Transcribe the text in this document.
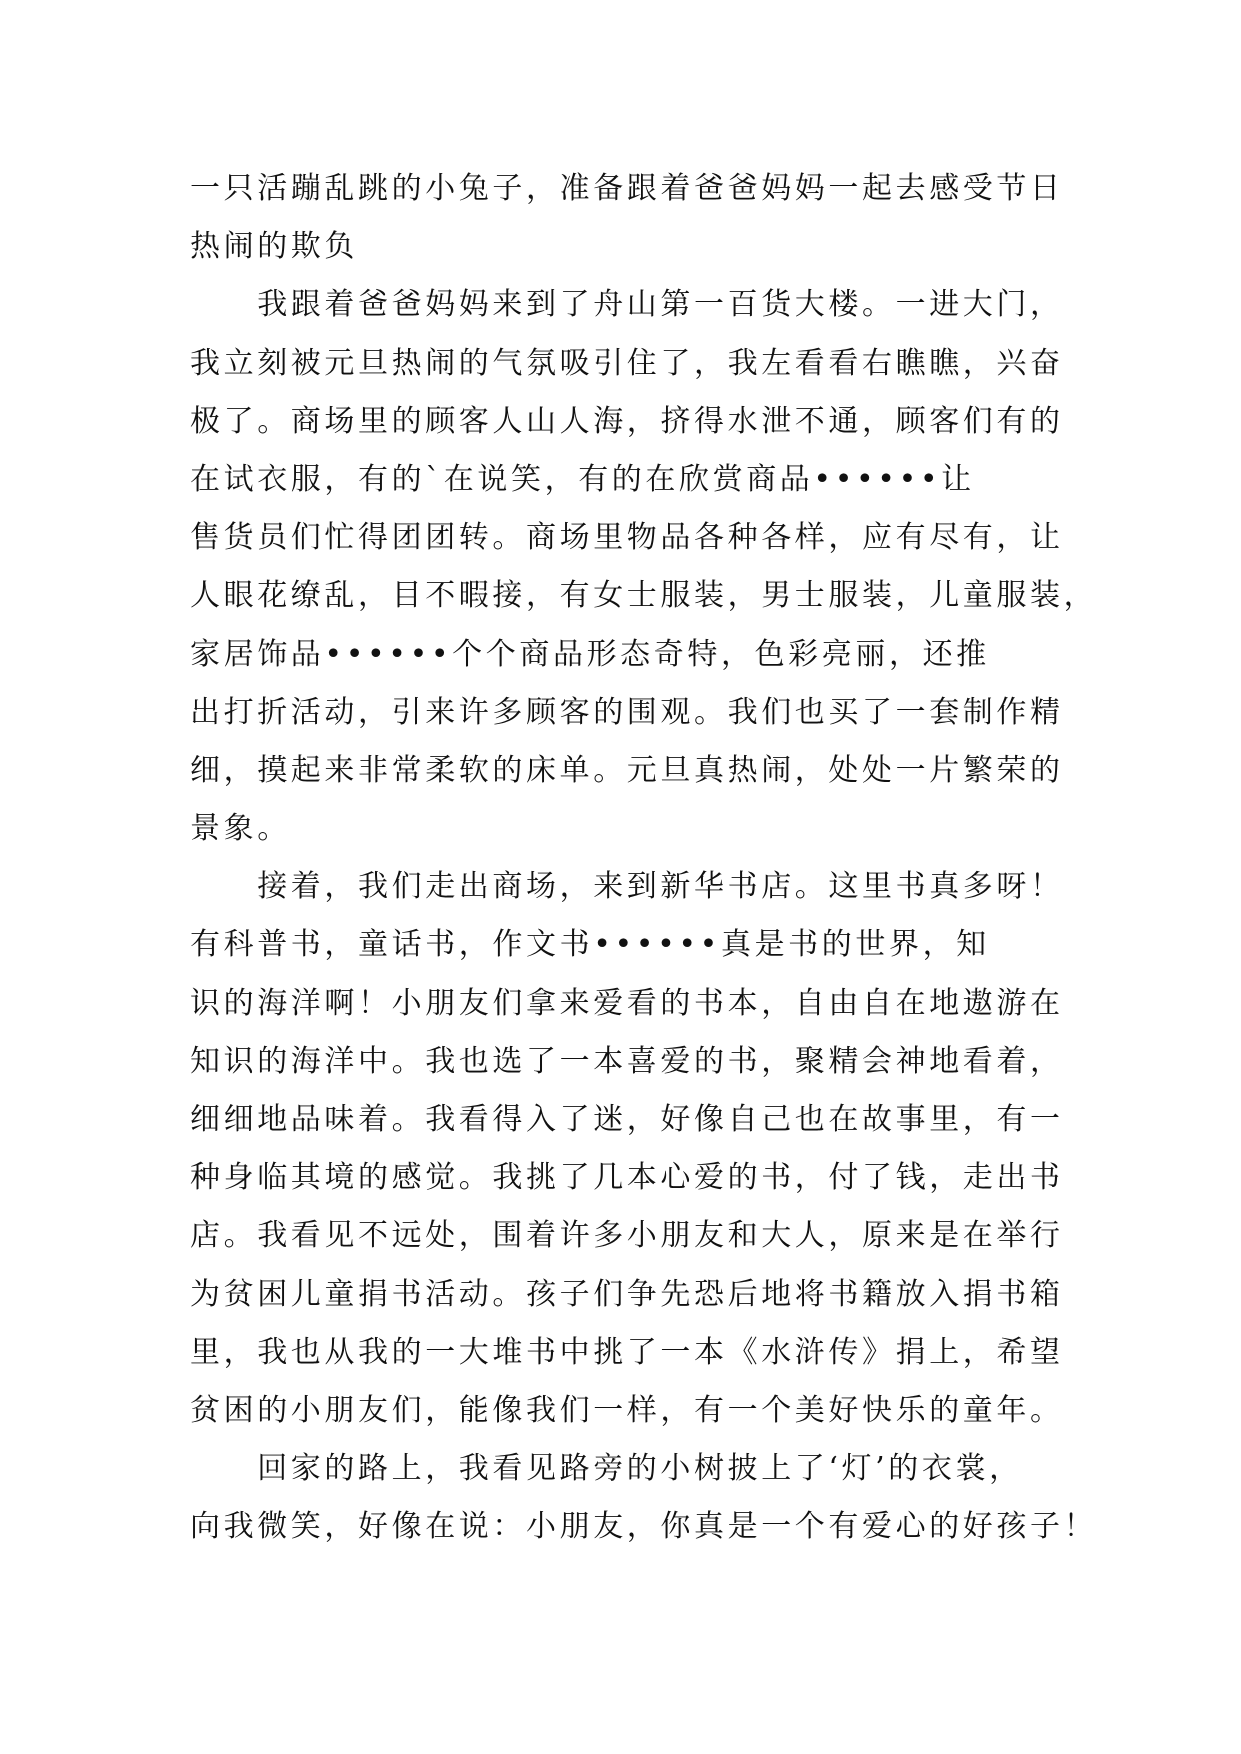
一只活蹦乱跳的小兔子，准备跟着爸爸妈妈一起去感受节日
热闹的欺负
　　我跟着爸爸妈妈来到了舟山第一百货大楼。一进大门，
我立刻被元旦热闹的气氛吸引住了，我左看看右瞧瞧，兴奋
极了。商场里的顾客人山人海，挤得水泄不通，顾客们有的
在试衣服，有的`在说笑，有的在欣赏商品••••••让
售货员们忙得团团转。商场里物品各种各样，应有尽有，让
人眼花缭乱，目不暇接，有女士服装，男士服装，儿童服装，
家居饰品••••••个个商品形态奇特，色彩亮丽，还推
出打折活动，引来许多顾客的围观。我们也买了一套制作精
细，摸起来非常柔软的床单。元旦真热闹，处处一片繁荣的
景象。
　　接着，我们走出商场，来到新华书店。这里书真多呀！
有科普书，童话书，作文书••••••真是书的世界，知
识的海洋啊！小朋友们拿来爱看的书本，自由自在地遨游在
知识的海洋中。我也选了一本喜爱的书，聚精会神地看着，
细细地品味着。我看得入了迷，好像自己也在故事里，有一
种身临其境的感觉。我挑了几本心爱的书，付了钱，走出书
店。我看见不远处，围着许多小朋友和大人，原来是在举行
为贫困儿童捐书活动。孩子们争先恐后地将书籍放入捐书箱
里，我也从我的一大堆书中挑了一本《水浒传》捐上，希望
贫困的小朋友们，能像我们一样，有一个美好快乐的童年。
　　回家的路上，我看见路旁的小树披上了‘灯’的衣裳，
向我微笑，好像在说：小朋友，你真是一个有爱心的好孩子！
